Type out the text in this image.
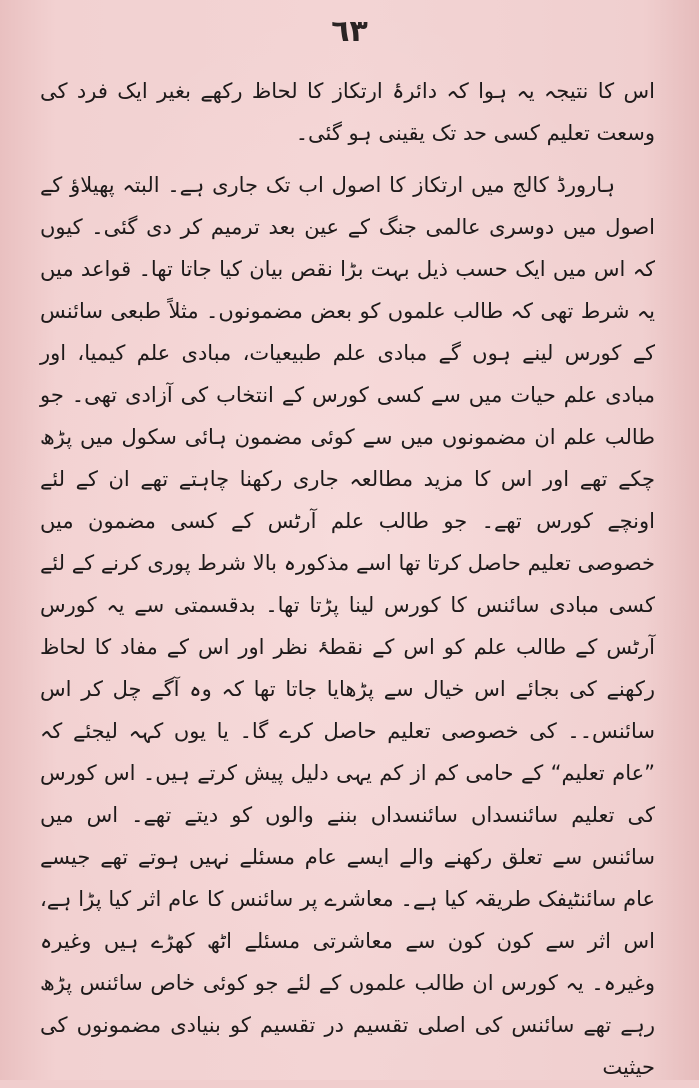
٦٣

اس کا نتیجہ یہ ہوا کہ دائرۂ ارتکاز کا لحاظ رکھے بغیر ایک فرد کی وسعت تعلیم کسی حد تک یقینی ہو گئی۔

ہارورڈ کالج میں ارتکاز کا اصول اب تک جاری ہے۔ البتہ پھیلاؤ کے اصول میں دوسری عالمی جنگ کے عین بعد ترمیم کر دی گئی۔ کیوں کہ اس میں ایک حسب ذیل بہت بڑا نقص بیان کیا جاتا تھا۔ قواعد میں یہ شرط تھی کہ طالب علموں کو بعض مضمونوں۔ مثلاً طبعی سائنس کے کورس لینے ہوں گے مبادی علم طبیعیات، مبادی علم کیمیا، اور مبادی علم حیات میں سے کسی کورس کے انتخاب کی آزادی تھی۔ جو طالب علم ان مضمونوں میں سے کوئی مضمون ہائی سکول میں پڑھ چکے تھے اور اس کا مزید مطالعہ جاری رکھنا چاہتے تھے ان کے لئے اونچے کورس تھے۔ جو طالب علم آرٹس کے کسی مضمون میں خصوصی تعلیم حاصل کرتا تھا اسے مذکورہ بالا شرط پوری کرنے کے لئے کسی مبادی سائنس کا کورس لینا پڑتا تھا۔ بدقسمتی سے یہ کورس آرٹس کے طالب علم کو اس کے نقطۂ نظر اور اس کے مفاد کا لحاظ رکھنے کی بجائے اس خیال سے پڑھایا جاتا تھا کہ وہ آگے چل کر اس سائنس۔۔ کی خصوصی تعلیم حاصل کرے گا۔ یا یوں کہہ لیجئے کہ ”عام تعلیم“ کے حامی کم از کم یہی دلیل پیش کرتے ہیں۔ اس کورس کی تعلیم سائنسداں سائنسداں بننے والوں کو دیتے تھے۔ اس میں سائنس سے تعلق رکھنے والے ایسے عام مسئلے نہیں ہوتے تھے جیسے عام سائنٹیفک طریقہ کیا ہے۔ معاشرے پر سائنس کا عام اثر کیا پڑا ہے، اس اثر سے کون کون سے معاشرتی مسئلے اٹھ کھڑے ہیں وغیرہ وغیرہ۔ یہ کورس ان طالب علموں کے لئے جو کوئی خاص سائنس پڑھ رہے تھے سائنس کی اصلی تقسیم در تقسیم کو بنیادی مضمونوں کی حیثیت
